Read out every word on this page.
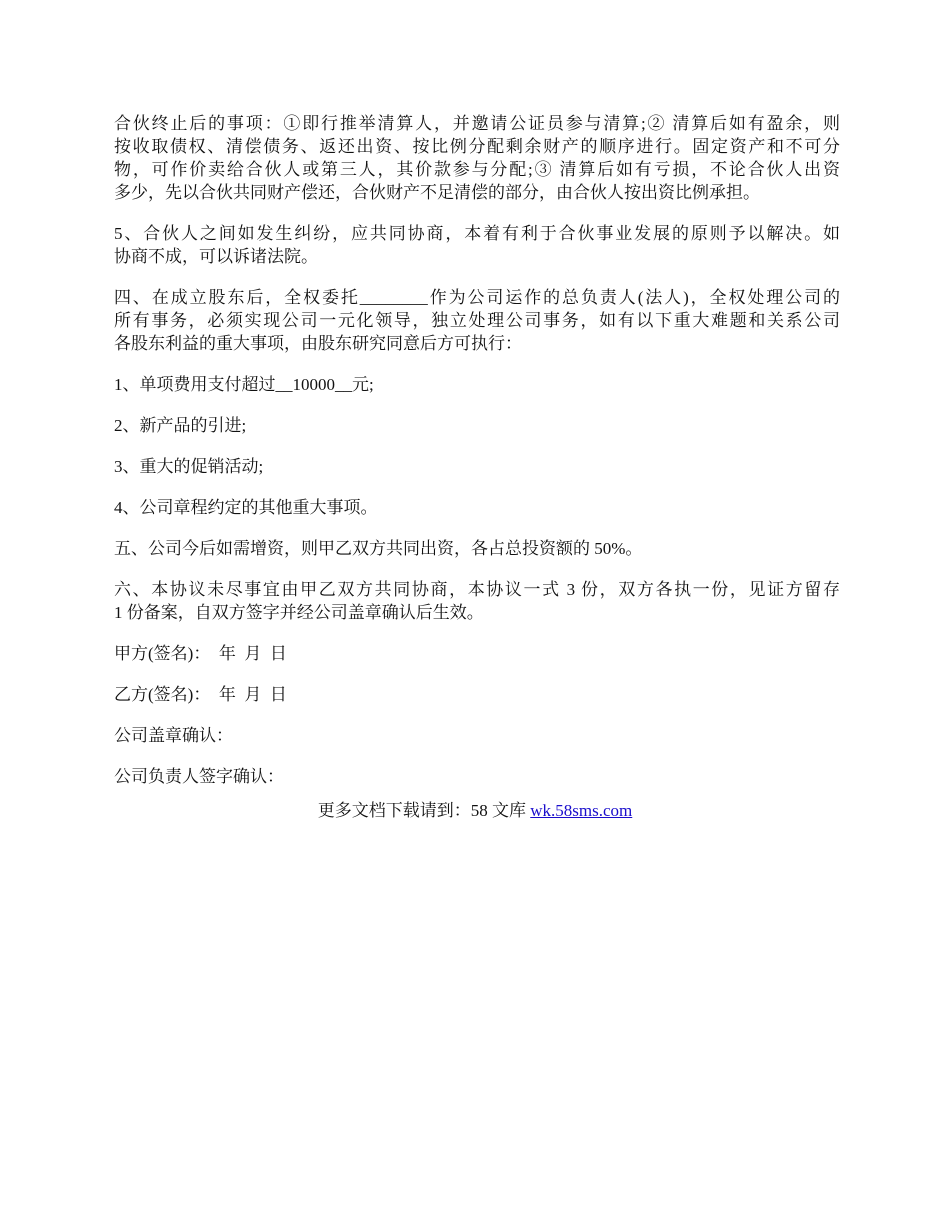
合伙终止后的事项：①即行推举清算人，并邀请公证员参与清算;② 清算后如有盈余，则
按收取债权、清偿债务、返还出资、按比例分配剩余财产的顺序进行。固定资产和不可分
物，可作价卖给合伙人或第三人，其价款参与分配;③ 清算后如有亏损，不论合伙人出资
多少，先以合伙共同财产偿还，合伙财产不足清偿的部分，由合伙人按出资比例承担。

5、合伙人之间如发生纠纷，应共同协商，本着有利于合伙事业发展的原则予以解决。如
协商不成，可以诉诸法院。

四、在成立股东后，全权委托________作为公司运作的总负责人(法人)，全权处理公司的
所有事务，必须实现公司一元化领导，独立处理公司事务，如有以下重大难题和关系公司
各股东利益的重大事项，由股东研究同意后方可执行：

1、单项费用支付超过__10000__元;

2、新产品的引进;

3、重大的促销活动;

4、公司章程约定的其他重大事项。

五、公司今后如需增资，则甲乙双方共同出资，各占总投资额的 50%。

六、本协议未尽事宜由甲乙双方共同协商，本协议一式 3 份，双方各执一份，见证方留存
1 份备案，自双方签字并经公司盖章确认后生效。

甲方(签名)：  年  月  日

乙方(签名)：  年  月  日

公司盖章确认：

公司负责人签字确认：

更多文档下载请到：58 文库 wk.58sms.com
